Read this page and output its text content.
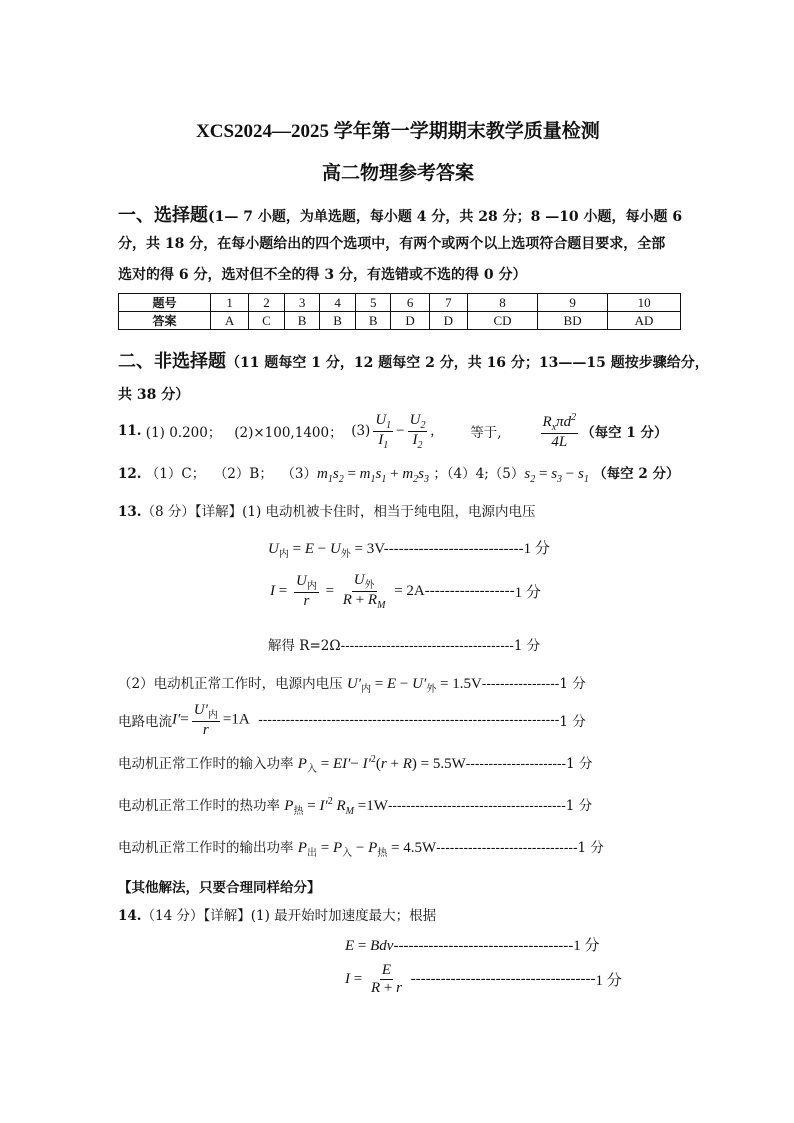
XCS2024—2025 学年第一学期期末教学质量检测
高二物理参考答案
一、选择题(1— 7 小题，为单选题，每小题 4 分，共 28 分；8 —10 小题，每小题 6
分，共 18 分，在每小题给出的四个选项中，有两个或两个以上选项符合题目要求，全部
选对的得 6 分，选对但不全的得 3 分，有选错或不选的得 0 分）
题号	1	2	3	4	5	6	7	8	9	10
答案	A	C	B	B	B	D	D	CD	BD	AD
二、非选择题（11 题每空 1 分，12 题每空 2 分，共 16 分；13——15 题按步骤给分，
共 38 分）
11.
(1) 0.200；
(2)×100,1400；
$(3) \frac{U_1}{I_1} - \frac{U_2}{I_2}$ ,	等于,	$\frac{R_x\pi d^2}{4L}$ （每空 1 分）
12. （1）C； （2）B； $(3)m_1s_2 = m_1s_1 + m_2s_3$ ；$(4)4;(5)s_2 = s_3 - s_1$ （每空 2 分）
13.（8 分）【详解】(1) 电动机被卡住时，相当于纯电阻，电源内电压
$U_内 = E - U_外 = 3V----------------------------1$ 分
$I = \frac{U_内}{r} = \frac{U_外}{R + R_M} = 2A$ ------------------ 1 分
解得 R=2Ω--------------------------------------1 分
（2）电动机正常工作时，电源内电压 $U'_内 = E - U'_外 = 1.5V-----------------1$ 分
电路电流 $I'= \frac{U'_内}{r} =1A$ ------------------------------------------------------------------ 1 分
电动机正常工作时的输入功率 $P_入 = EI'- I'^2(r + R) = 5.5W----------------------1$ 分
电动机正常工作时的热功率 $P_热 = I'^2$ $R_M =1W---------------------------------------1$ 分
电动机正常工作时的输出功率 $P_出 = P_入 - P_热 = 4.5W-------------------------------1$ 分
【其他解法，只要合理同样给分】
14.（14 分）【详解】(1) 最开始时加速度最大；根据
E = Bdv------------------------------------1 分
$I = \frac{E}{R + r}$ ------------------------------------- 1 分
